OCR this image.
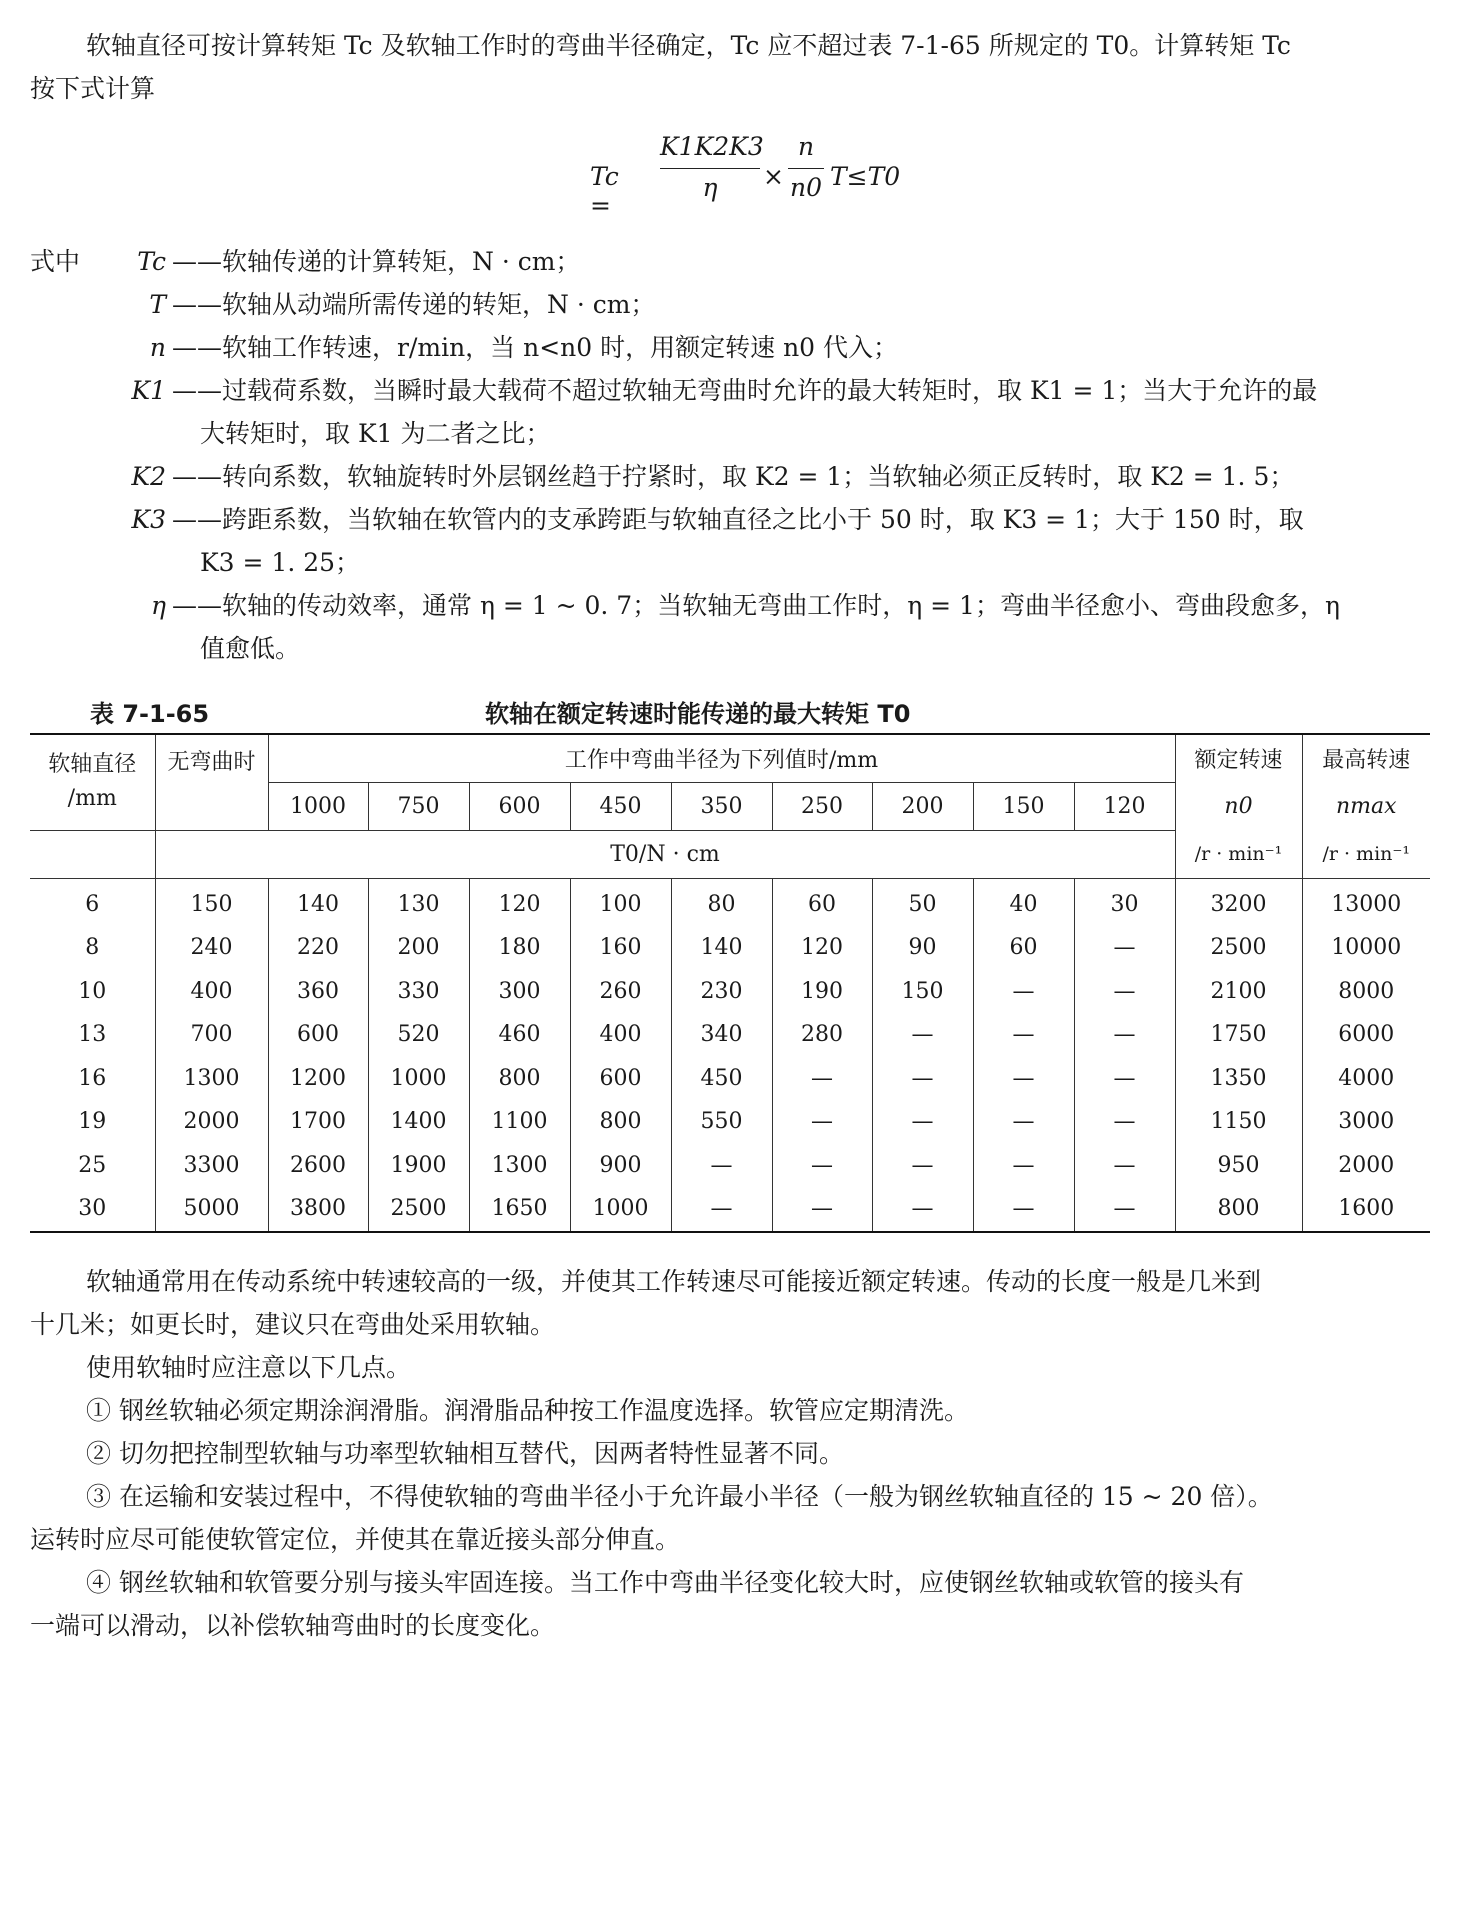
软轴直径可按计算转矩 Tc 及软轴工作时的弯曲半径确定，Tc 应不超过表 7-1-65 所规定的 T0。计算转矩 Tc

按下式计算

Tc =
K1K2K3
η	×
n
n0 T≤T0
式中	Tc ——软轴传递的计算转矩，N · cm；
T ——软轴从动端所需传递的转矩，N · cm；
n ——软轴工作转速，r/min，当 n<n0 时，用额定转速 n0 代入；
K1 ——过载荷系数，当瞬时最大载荷不超过软轴无弯曲时允许的最大转矩时，取 K1 = 1；当大于允许的最
大转矩时，取 K1 为二者之比；
K2 ——转向系数，软轴旋转时外层钢丝趋于拧紧时，取 K2 = 1；当软轴必须正反转时，取 K2 = 1. 5；
K3 ——跨距系数，当软轴在软管内的支承跨距与软轴直径之比小于 50 时，取 K3 = 1；大于 150 时，取
K3 = 1. 25；
η ——软轴的传动效率，通常 η = 1 ~ 0. 7；当软轴无弯曲工作时，η = 1；弯曲半径愈小、弯曲段愈多，η
值愈低。
表 7-1-65	软轴在额定转速时能传递的最大转矩 T0
软轴直径
/mm	无弯曲时	工作中弯曲半径为下列值时/mm									额定转速	最高转速
		1000	750	600	450	350	250	200	150	120	n0	nmax
	T0/N · cm										/r · min⁻¹	/r · min⁻¹
6	150	140	130	120	100	80	60	50	40	30	3200	13000
8	240	220	200	180	160	140	120	90	60	—	2500	10000
10	400	360	330	300	260	230	190	150	—	—	2100	8000
13	700	600	520	460	400	340	280	—	—	—	1750	6000
16	1300	1200	1000	800	600	450	—	—	—	—	1350	4000
19	2000	1700	1400	1100	800	550	—	—	—	—	1150	3000
25	3300	2600	1900	1300	900	—	—	—	—	—	950	2000
30	5000	3800	2500	1650	1000	—	—	—	—	—	800	1600

软轴通常用在传动系统中转速较高的一级，并使其工作转速尽可能接近额定转速。传动的长度一般是几米到

十几米；如更长时，建议只在弯曲处采用软轴。

使用软轴时应注意以下几点。

① 钢丝软轴必须定期涂润滑脂。润滑脂品种按工作温度选择。软管应定期清洗。

② 切勿把控制型软轴与功率型软轴相互替代，因两者特性显著不同。

③ 在运输和安装过程中，不得使软轴的弯曲半径小于允许最小半径（一般为钢丝软轴直径的 15 ~ 20 倍）。

运转时应尽可能使软管定位，并使其在靠近接头部分伸直。

④ 钢丝软轴和软管要分别与接头牢固连接。当工作中弯曲半径变化较大时，应使钢丝软轴或软管的接头有

一端可以滑动，以补偿软轴弯曲时的长度变化。
